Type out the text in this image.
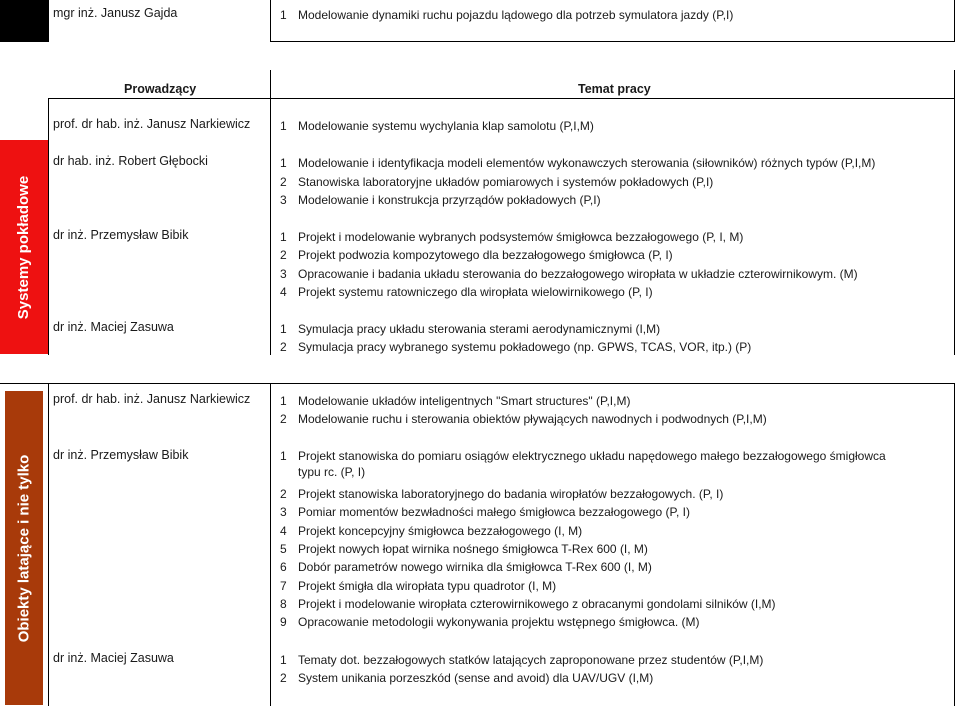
mgr inż. Janusz Gajda	1 Modelowanie dynamiki ruchu pojazdu lądowego dla potrzeb symulatora jazdy (P,I)
Prowadzący	Temat pracy
Systemy pokładowe
prof. dr hab. inż. Janusz Narkiewicz 1 Modelowanie systemu wychylania klap samolotu (P,I,M)
dr hab. inż. Robert Głębocki	1 Modelowanie i identyfikacja modeli elementów wykonawczych sterowania (siłowników) różnych typów (P,I,M)
2 Stanowiska laboratoryjne układów pomiarowych i systemów pokładowych (P,I)
3 Modelowanie i konstrukcja przyrządów pokładowych (P,I)
dr inż. Przemysław Bibik	1 Projekt i modelowanie wybranych podsystemów śmigłowca bezzałogowego (P, I, M)
2 Projekt podwozia kompozytowego dla bezzałogowego śmigłowca (P, I)
3 Opracowanie i badania układu sterowania do bezzałogowego wiropłata w układzie czterowirnikowym. (M)
4 Projekt systemu ratowniczego dla wiropłata wielowirnikowego (P, I)
dr inż. Maciej Zasuwa	1 Symulacja pracy układu sterowania sterami aerodynamicznymi (I,M)
2 Symulacja pracy wybranego systemu pokładowego (np. GPWS, TCAS, VOR, itp.) (P)
Obiekty latające i nie tylko
prof. dr hab. inż. Janusz Narkiewicz 1 Modelowanie układów inteligentnych "Smart structures" (P,I,M)
2 Modelowanie ruchu i sterowania obiektów pływających nawodnych i podwodnych (P,I,M)
dr inż. Przemysław Bibik	1 Projekt stanowiska do pomiaru osiągów elektrycznego układu napędowego małego bezzałogowego śmigłowca typu rc. (P, I)
2 Projekt stanowiska laboratoryjnego do badania wiropłatów bezzałogowych. (P, I)
3 Pomiar momentów bezwładności małego śmigłowca bezzałogowego (P, I)
4 Projekt koncepcyjny śmigłowca bezzałogowego (I, M)
5 Projekt nowych łopat wirnika nośnego śmigłowca T-Rex 600 (I, M)
6 Dobór parametrów nowego wirnika dla śmigłowca T-Rex 600 (I, M)
7 Projekt śmigła dla wiropłata typu quadrotor (I, M)
8 Projekt i modelowanie wiropłata czterowirnikowego z obracanymi gondolami silników (I,M)
9 Opracowanie metodologii wykonywania projektu wstępnego śmigłowca. (M)
dr inż. Maciej Zasuwa	1 Tematy dot. bezzałogowych statków latających zaproponowane przez studentów (P,I,M)
2 System unikania porzeszkód (sense and avoid) dla UAV/UGV (I,M)
